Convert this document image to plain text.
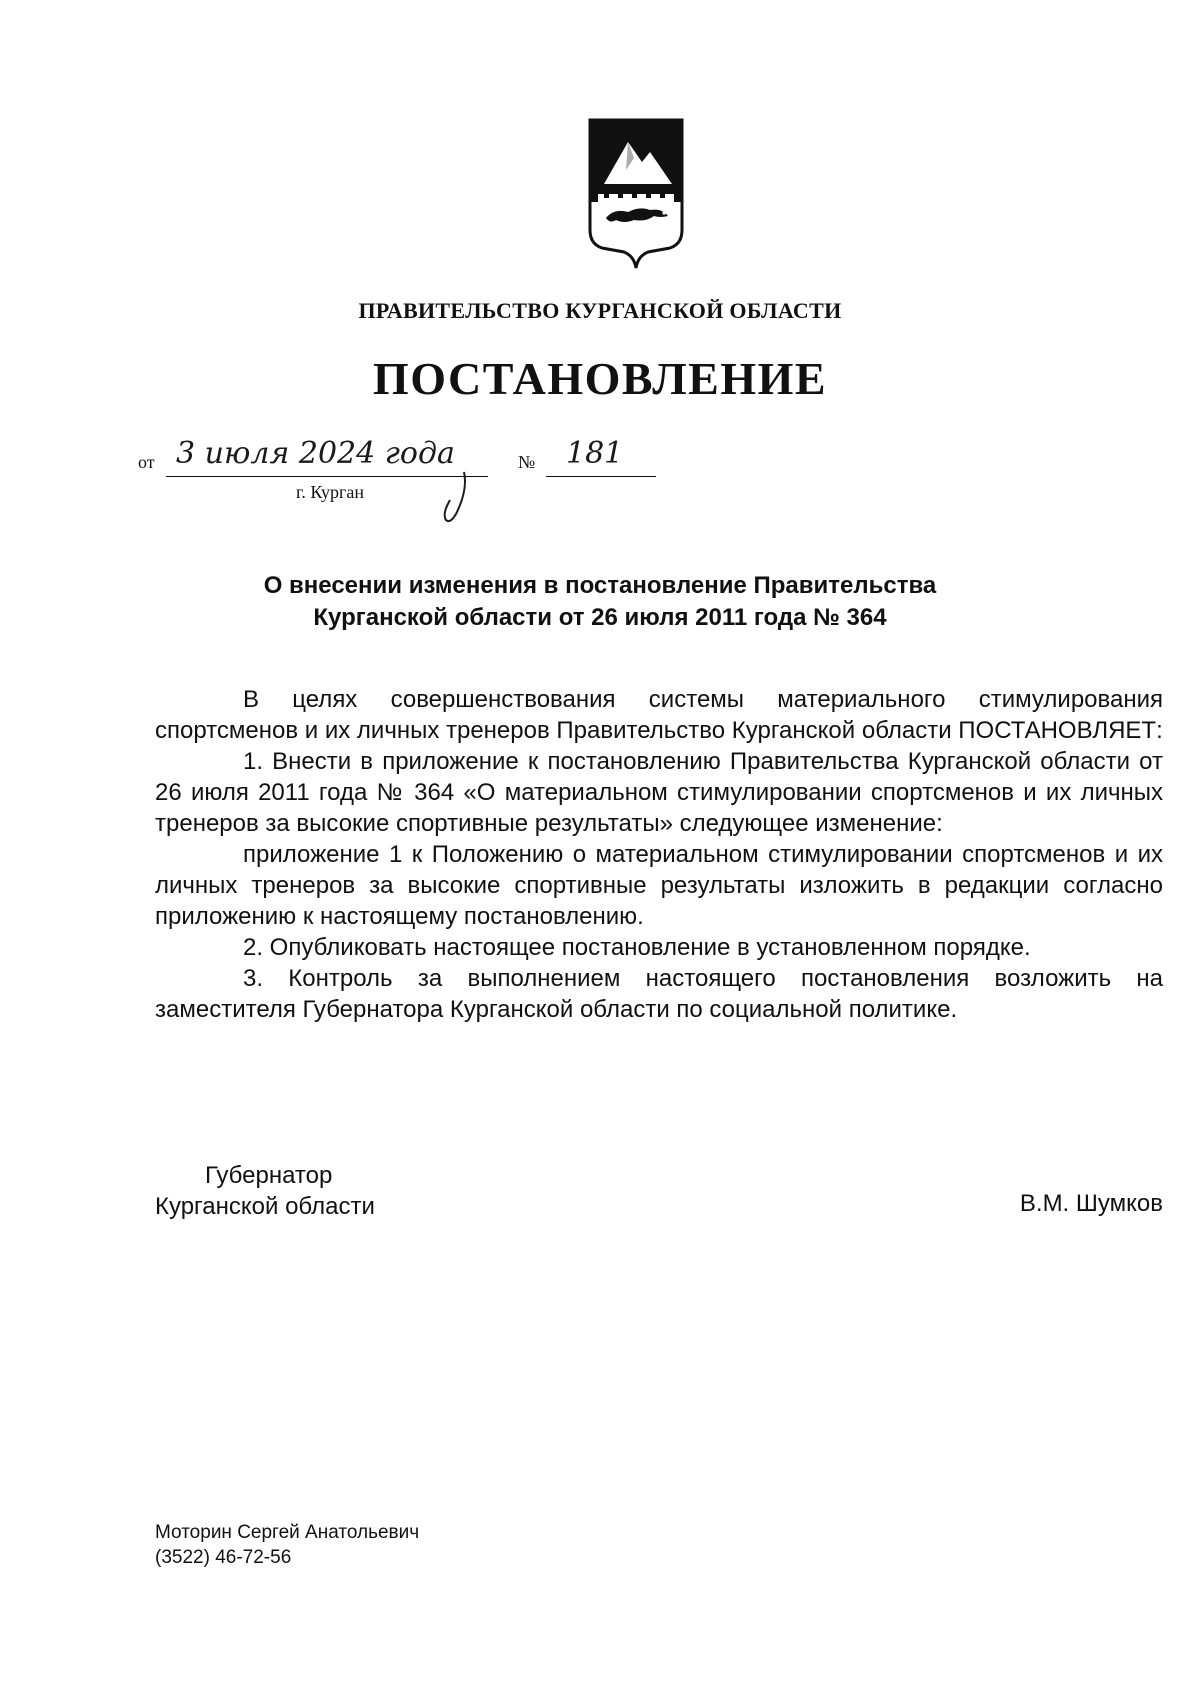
ПРАВИТЕЛЬСТВО КУРГАНСКОЙ ОБЛАСТИ
ПОСТАНОВЛЕНИЕ
от 3 июля 2024 года	№ 181
г. Курган
О внесении изменения в постановление Правительства
Курганской области от 26 июля 2011 года № 364

В целях совершенствования системы материального стимулирования спортсменов и их личных тренеров Правительство Курганской области ПОСТАНОВЛЯЕТ:

1. Внести в приложение к постановлению Правительства Курганской области от 26 июля 2011 года № 364 «О материальном стимулировании спортсменов и их личных тренеров за высокие спортивные результаты» следующее изменение:

приложение 1 к Положению о материальном стимулировании спортсменов и их личных тренеров за высокие спортивные результаты изложить в редакции согласно приложению к настоящему постановлению.

2. Опубликовать настоящее постановление в установленном порядке.

3. Контроль за выполнением настоящего постановления возложить на заместителя Губернатора Курганской области по социальной политике.

Губернатор
Курганской области	В.М. Шумков
Моторин Сергей Анатольевич
(3522) 46-72-56
